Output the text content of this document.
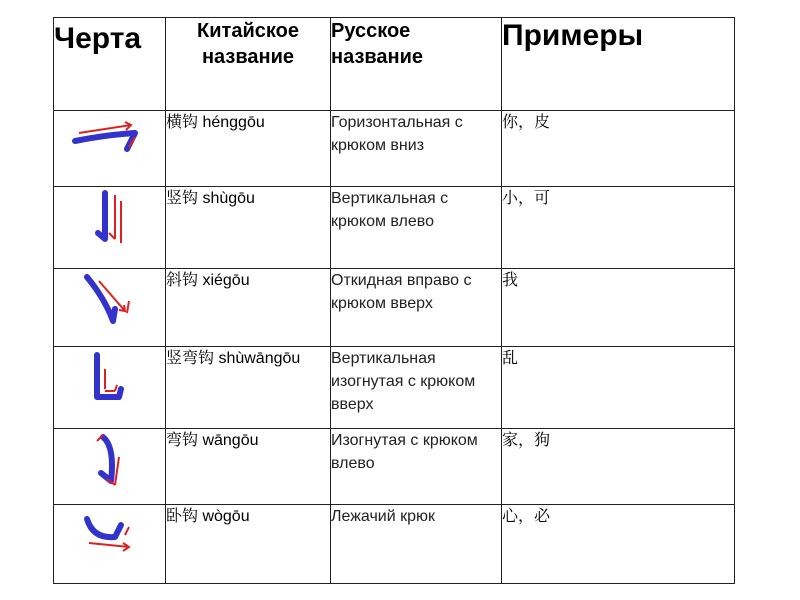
Черта	Китайское название	Русское название	Примеры

	横钩 hénggōu	Горизонтальная с крюком вниз	你，皮

	竖钩 shùgōu	Вертикальная с крюком влево	小，可

	斜钩 xiégōu	Откидная вправо с крюком вверх	我

	竖弯钩 shùwāngōu	Вертикальная изогнутая с крюком вверх	乱

	弯钩 wāngōu	Изогнутая с крюком влево	家，狗

	卧钩 wògōu	Лежачий крюк	心，必
